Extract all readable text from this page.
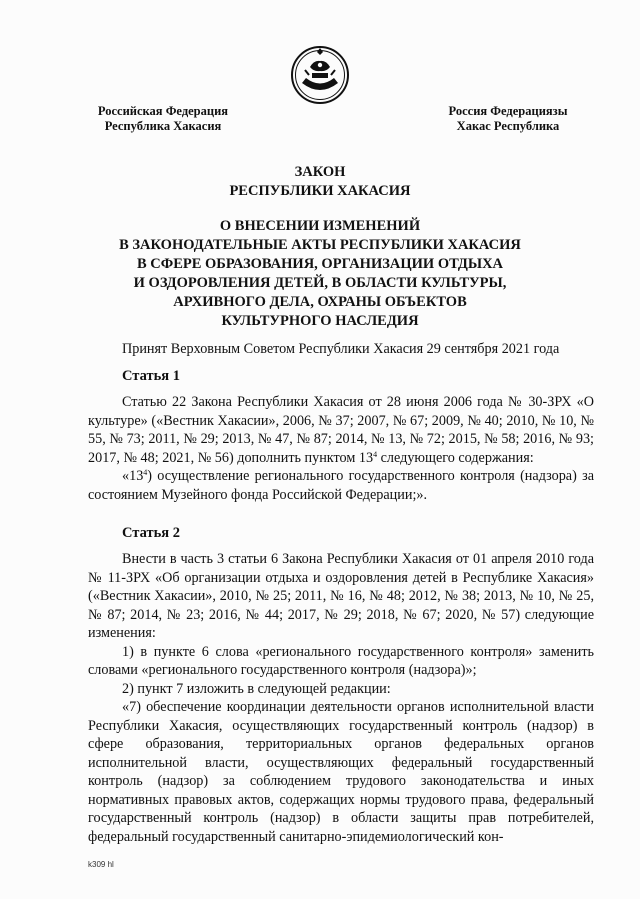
Российская Федерация
Республика Хакасия
Россия Федерациязы
Хакас Республика
ЗАКОН
РЕСПУБЛИКИ ХАКАСИЯ
О ВНЕСЕНИИ ИЗМЕНЕНИЙ
В ЗАКОНОДАТЕЛЬНЫЕ АКТЫ РЕСПУБЛИКИ ХАКАСИЯ
В СФЕРЕ ОБРАЗОВАНИЯ, ОРГАНИЗАЦИИ ОТДЫХА
И ОЗДОРОВЛЕНИЯ ДЕТЕЙ, В ОБЛАСТИ КУЛЬТУРЫ,
АРХИВНОГО ДЕЛА, ОХРАНЫ ОБЪЕКТОВ
КУЛЬТУРНОГО НАСЛЕДИЯ
Принят Верховным Советом Республики Хакасия 29 сентября 2021 года
Статья 1

Статью 22 Закона Республики Хакасия от 28 июня 2006 года № 30-ЗРХ «О культуре» («Вестник Хакасии», 2006, № 37; 2007, № 67; 2009, № 40; 2010, № 10, № 55, № 73; 2011, № 29; 2013, № 47, № 87; 2014, № 13, № 72; 2015, № 58; 2016, № 93; 2017, № 48; 2021, № 56) дополнить пунктом $13^4$ следующего содержания:

«$13^4$) осуществление регионального государственного контроля (надзора) за состоянием Музейного фонда Российской Федерации;».

Статья 2

Внести в часть 3 статьи 6 Закона Республики Хакасия от 01 апреля 2010 года № 11-ЗРХ «Об организации отдыха и оздоровления детей в Республике Хакасия» («Вестник Хакасии», 2010, № 25; 2011, № 16, № 48; 2012, № 38; 2013, № 10, № 25, № 87; 2014, № 23; 2016, № 44; 2017, № 29; 2018, № 67; 2020, № 57) следующие изменения:

1) в пункте 6 слова «регионального государственного контроля» заменить словами «регионального государственного контроля (надзора)»;

2) пункт 7 изложить в следующей редакции:

«7) обеспечение координации деятельности органов исполнительной власти Республики Хакасия, осуществляющих государственный контроль (надзор) в сфере образования, территориальных органов федеральных органов исполнительной власти, осуществляющих федеральный государственный контроль (надзор) за соблюдением трудового законодательства и иных нормативных правовых актов, содержащих нормы трудового права, федеральный государственный контроль (надзор) в области защиты прав потребителей, федеральный государственный санитарно-эпидемиологический кон-

k309 hl
